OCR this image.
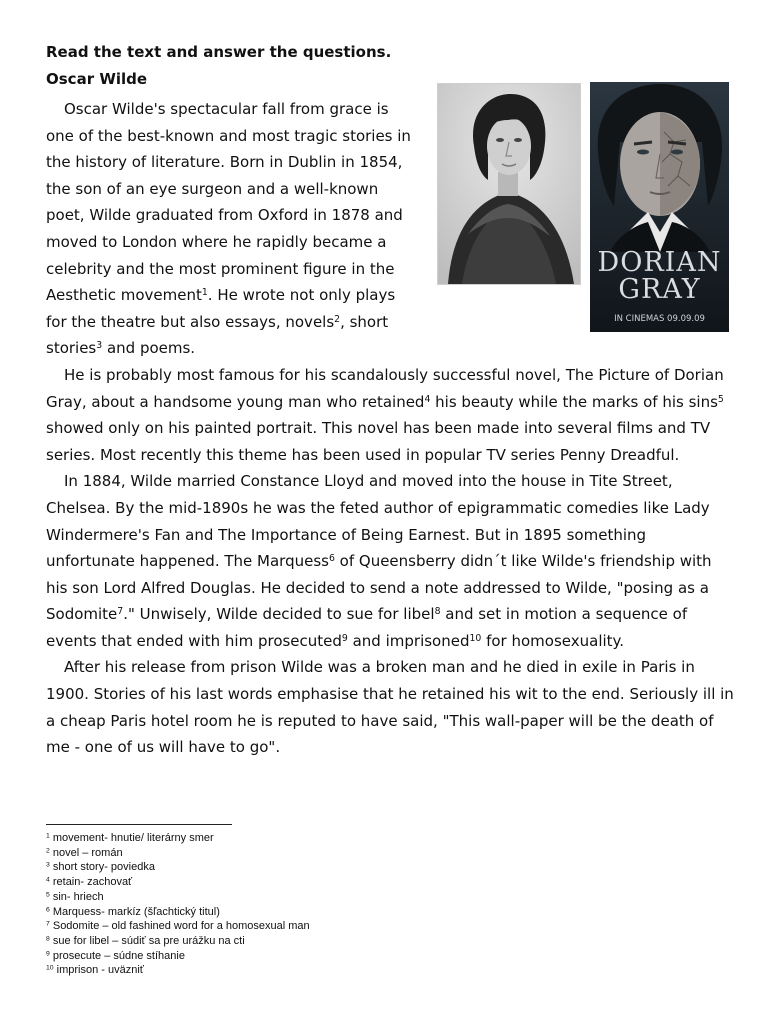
Read the text and answer the questions.
Oscar Wilde

Oscar Wilde's spectacular fall from grace is one of the best-known and most tragic stories in the history of literature. Born in Dublin in 1854, the son of an eye surgeon and a well-known poet, Wilde graduated from Oxford in 1878 and moved to London where he rapidly became a celebrity and the most prominent figure in the Aesthetic movement$^1$. He wrote not only plays for the theatre but also essays, novels$^2$, short stories$^3$ and poems.

He is probably most famous for his scandalously successful novel, The Picture of Dorian Gray, about a handsome young man who retained$^4$ his beauty while the marks of his sins$^5$ showed only on his painted portrait. This novel has been made into several films and TV series. Most recently this theme has been used in popular TV series Penny Dreadful.

In 1884, Wilde married Constance Lloyd and moved into the house in Tite Street, Chelsea. By the mid-1890s he was the feted author of epigrammatic comedies like Lady Windermere's Fan and The Importance of Being Earnest. But in 1895 something unfortunate happened. The Marquess$^6$ of Queensberry didn´t like Wilde's friendship with his son Lord Alfred Douglas. He decided to send a note addressed to Wilde, "posing as a Sodomite$^7$." Unwisely, Wilde decided to sue for libel$^8$ and set in motion a sequence of events that ended with him prosecuted$^9$ and imprisoned$^{10}$ for homosexuality.

After his release from prison Wilde was a broken man and he died in exile in Paris in 1900. Stories of his last words emphasise that he retained his wit to the end. Seriously ill in a cheap Paris hotel room he is reputed to have said, "This wall-paper will be the death of me - one of us will have to go".

DORIAN
GRAY
IN CINEMAS 09.09.09
$^1$ movement- hnutie/ literárny smer
$^2$ novel – román
$^3$ short story- poviedka
$^4$ retain- zachovať
$^5$ sin- hriech
$^6$ Marquess- markíz (šľachtický titul)
$^7$ Sodomite – old fashined word for a homosexual man
$^8$ sue for libel – súdiť sa pre urážku na cti
$^9$ prosecute – súdne stíhanie
$^{10}$ imprison - uväzniť
